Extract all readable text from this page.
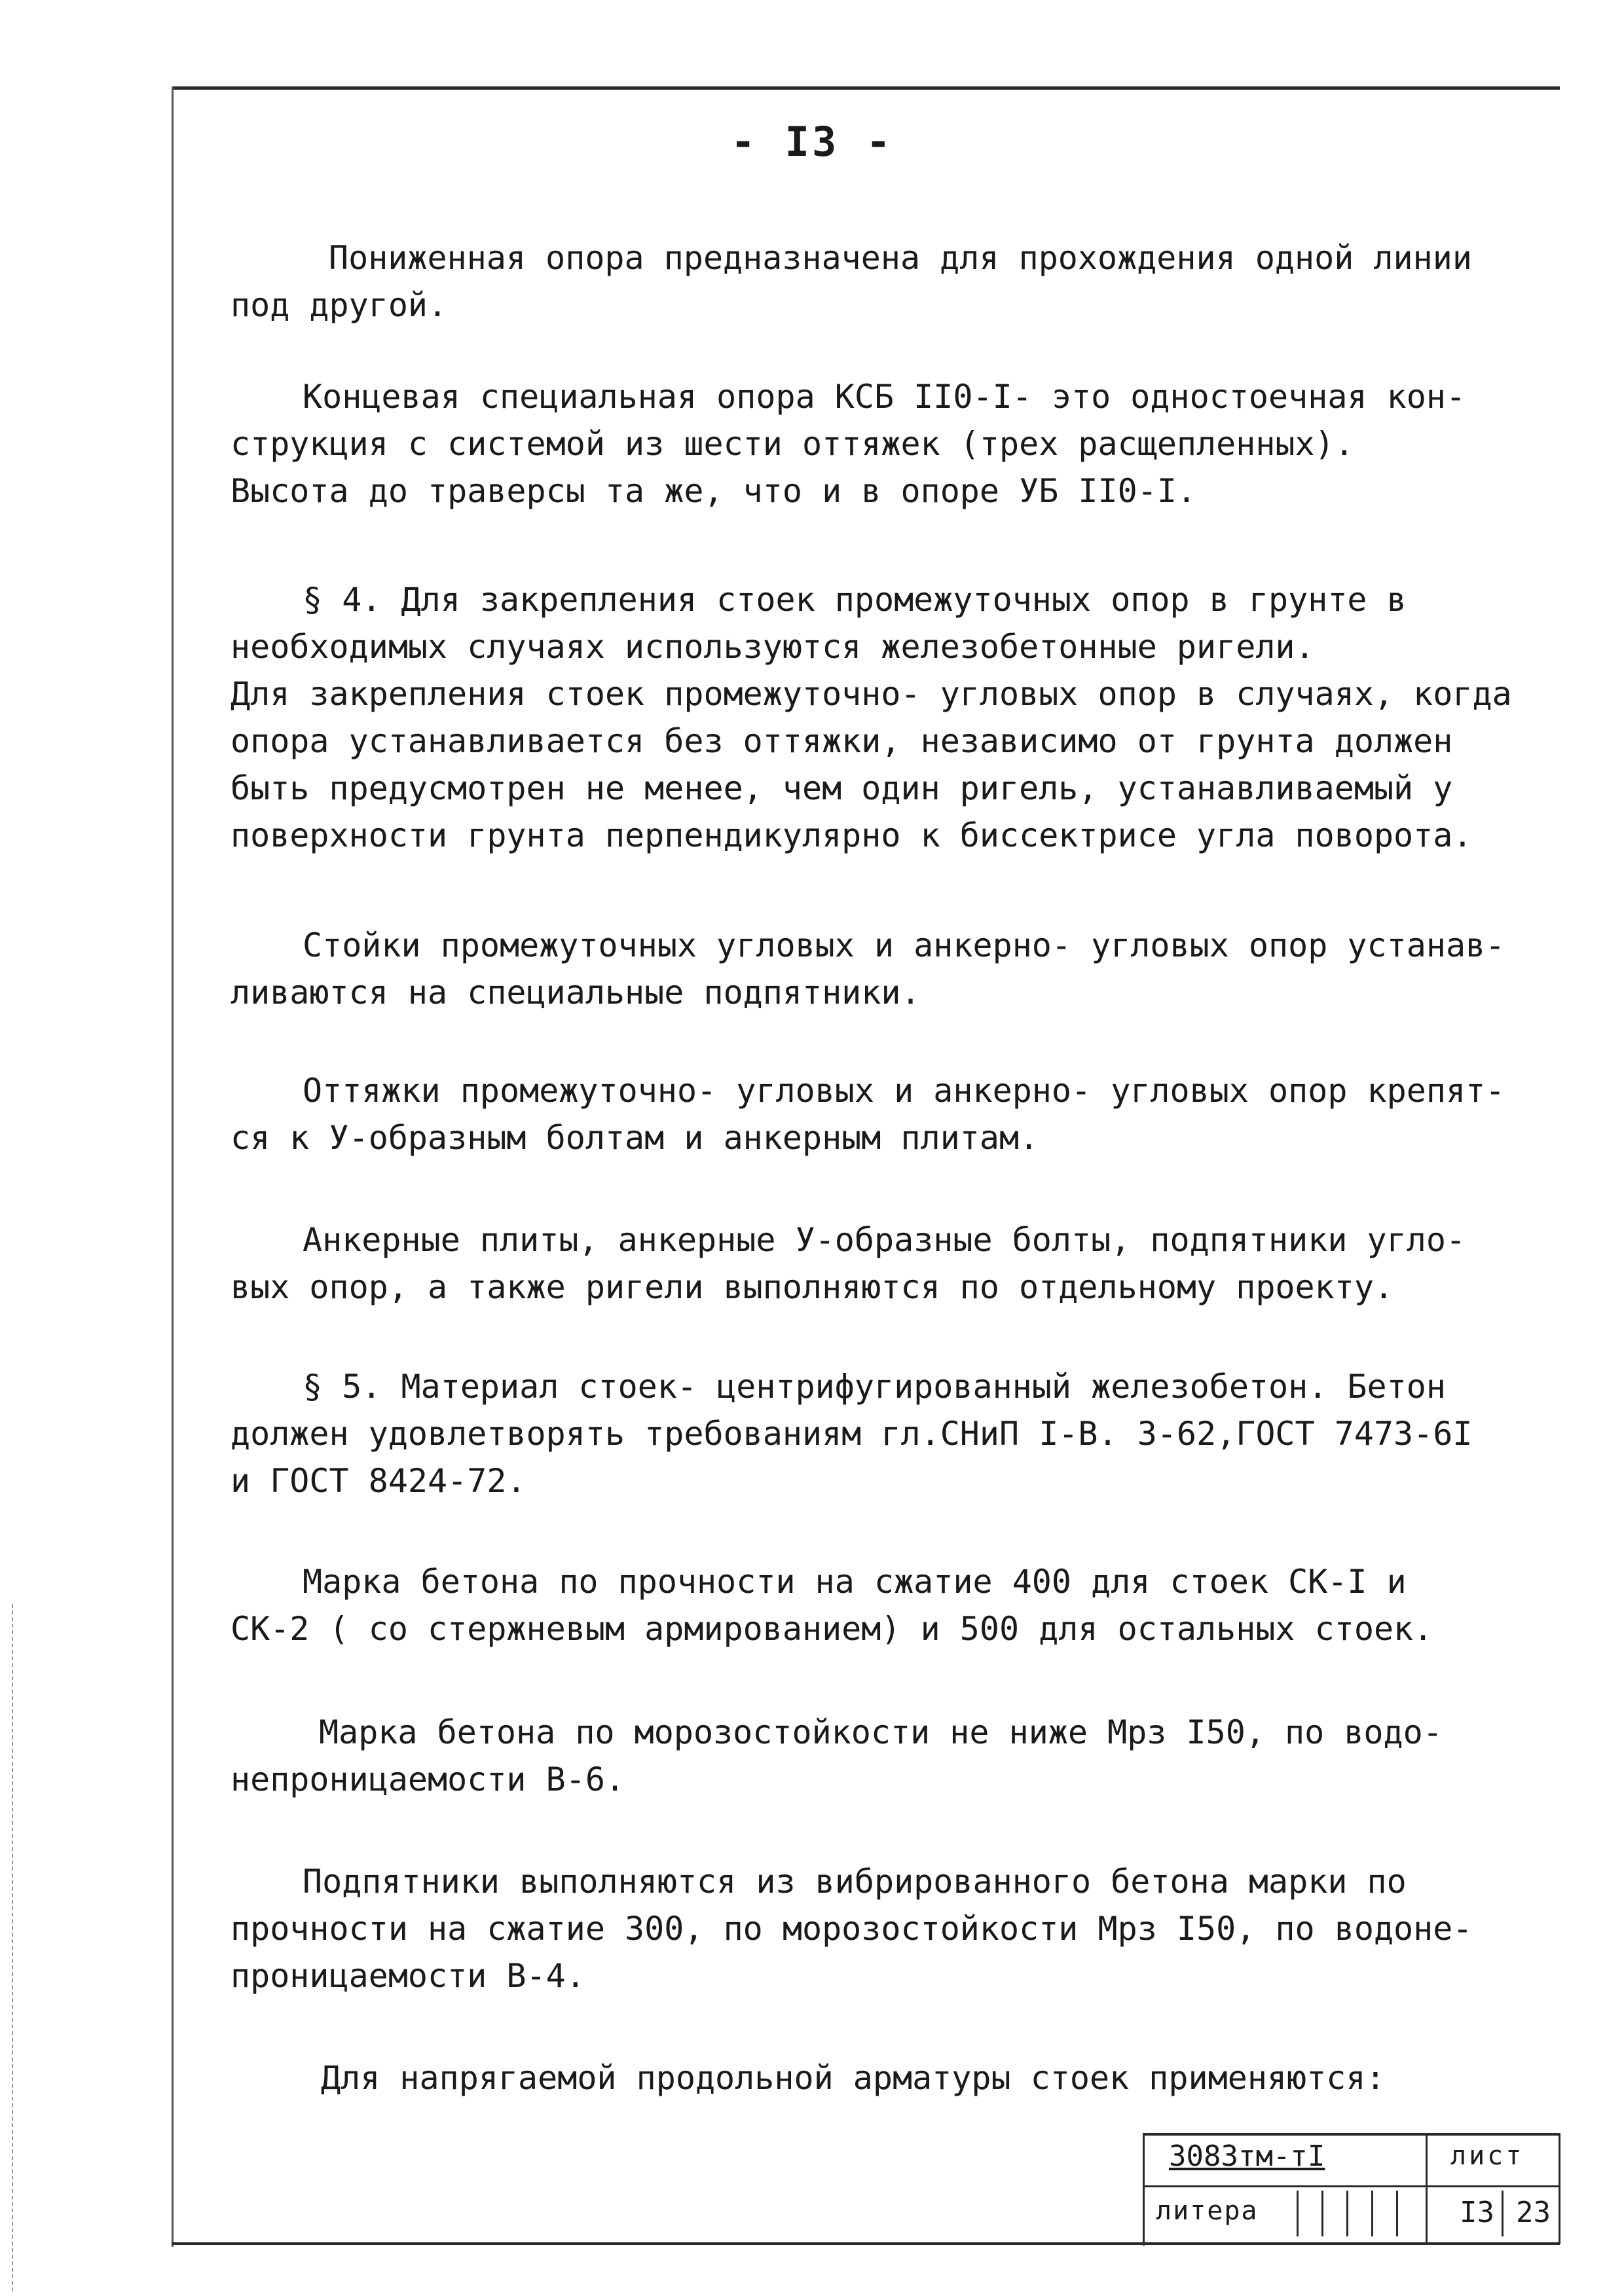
- I3 -
Пониженная опора предназначена для прохождения одной линии
под другой.
Концевая специальная опора КСБ II0-I- это одностоечная кон-
струкция с системой из шести оттяжек (трех расщепленных).
Высота до траверсы та же, что и в опоре УБ II0-I.
§ 4. Для закрепления стоек промежуточных опор в грунте в
необходимых случаях используются железобетонные ригели.
Для закрепления стоек промежуточно- угловых опор в случаях, когда
опора устанавливается без оттяжки, независимо от грунта должен
быть предусмотрен не менее, чем один ригель, устанавливаемый у
поверхности грунта перпендикулярно к биссектрисе угла поворота.
Стойки промежуточных угловых и анкерно- угловых опор устанав-
ливаются на специальные подпятники.
Оттяжки промежуточно- угловых и анкерно- угловых опор крепят-
ся к У-образным болтам и анкерным плитам.
Анкерные плиты, анкерные У-образные болты, подпятники угло-
вых опор, а также ригели выполняются по отдельному проекту.
§ 5. Материал стоек- центрифугированный железобетон. Бетон
должен удовлетворять требованиям гл.СНиП I-В. 3-62,ГОСТ 7473-6I
и ГОСТ 8424-72.
Марка бетона по прочности на сжатие 400 для стоек СК-I и
СК-2 ( со стержневым армированием) и 500 для остальных стоек.
Марка бетона по морозостойкости не ниже Мрз I50, по водо-
непроницаемости В-6.
Подпятники выполняются из вибрированного бетона марки по
прочности на сжатие 300, по морозостойкости Мрз I50, по водоне-
проницаемости В-4.
Для напрягаемой продольной арматуры стоек применяются:
3083тм-тI	лист
литера	I3 23
